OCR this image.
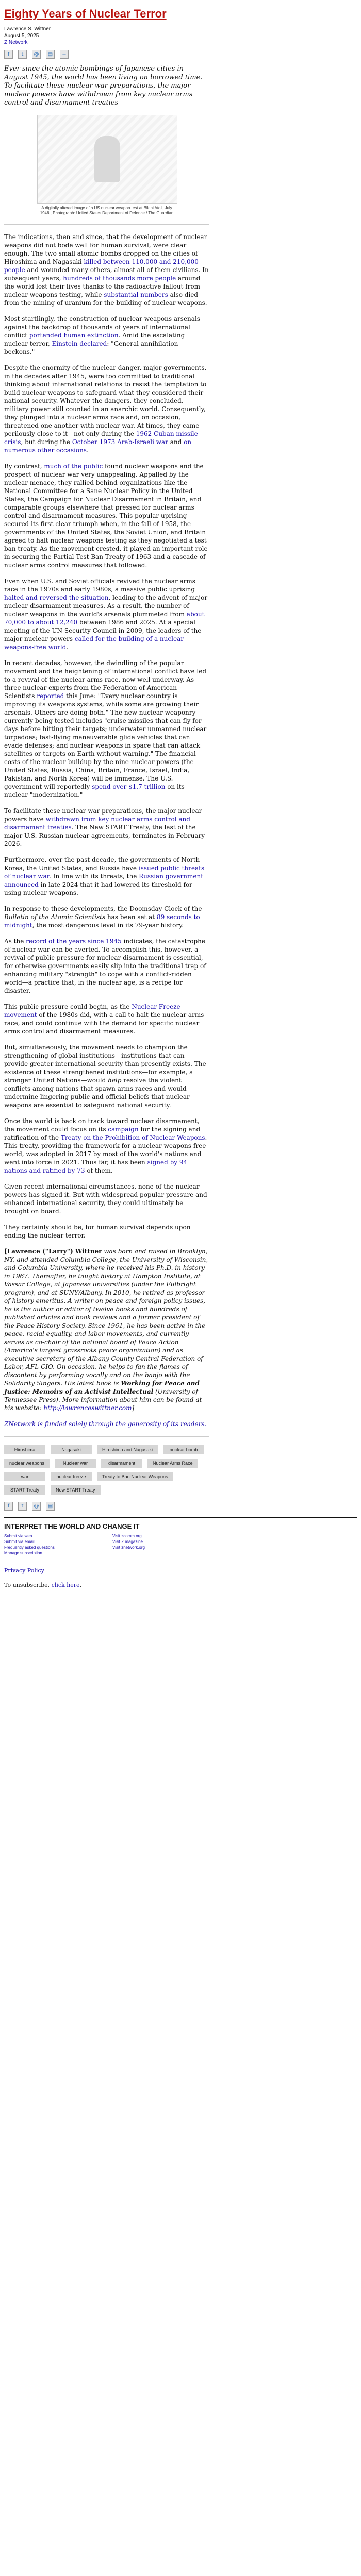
Eighty Years of Nuclear Terror
Lawrence S. Wittner
August 5, 2025
Z Network
f	t	@	▤	+

Ever since the atomic bombings of Japanese cities in August 1945, the world has been living on borrowed time. To facilitate these nuclear war preparations, the major nuclear powers have withdrawn from key nuclear arms control and disarmament treaties

A digitally altered image of a US nuclear weapon test at Bikini Atoll, July 1946., Photograph: United States Department of Defence / The Guardian

The indications, then and since, that the development of nuclear weapons did not bode well for human survival, were clear enough. The two small atomic bombs dropped on the cities of Hiroshima and Nagasaki killed between 110,000 and 210,000 people and wounded many others, almost all of them civilians. In subsequent years, hundreds of thousands more people around the world lost their lives thanks to the radioactive fallout from nuclear weapons testing, while substantial numbers also died from the mining of uranium for the building of nuclear weapons.

Most startlingly, the construction of nuclear weapons arsenals against the backdrop of thousands of years of international conflict portended human extinction. Amid the escalating nuclear terror, Einstein declared: "General annihilation beckons."

Despite the enormity of the nuclear danger, major governments, in the decades after 1945, were too committed to traditional thinking about international relations to resist the temptation to build nuclear weapons to safeguard what they considered their national security. Whatever the dangers, they concluded, military power still counted in an anarchic world. Consequently, they plunged into a nuclear arms race and, on occasion, threatened one another with nuclear war. At times, they came perilously close to it—not only during the 1962 Cuban missile crisis, but during the October 1973 Arab-Israeli war and on numerous other occasions.

By contrast, much of the public found nuclear weapons and the prospect of nuclear war very unappealing. Appalled by the nuclear menace, they rallied behind organizations like the National Committee for a Sane Nuclear Policy in the United States, the Campaign for Nuclear Disarmament in Britain, and comparable groups elsewhere that pressed for nuclear arms control and disarmament measures. This popular uprising secured its first clear triumph when, in the fall of 1958, the governments of the United States, the Soviet Union, and Britain agreed to halt nuclear weapons testing as they negotiated a test ban treaty. As the movement crested, it played an important role in securing the Partial Test Ban Treaty of 1963 and a cascade of nuclear arms control measures that followed.

Even when U.S. and Soviet officials revived the nuclear arms race in the 1970s and early 1980s, a massive public uprising halted and reversed the situation, leading to the advent of major nuclear disarmament measures. As a result, the number of nuclear weapons in the world's arsenals plummeted from about 70,000 to about 12,240 between 1986 and 2025. At a special meeting of the UN Security Council in 2009, the leaders of the major nuclear powers called for the building of a nuclear weapons-free world.

In recent decades, however, the dwindling of the popular movement and the heightening of international conflict have led to a revival of the nuclear arms race, now well underway. As three nuclear experts from the Federation of American Scientists reported this June: "Every nuclear country is improving its weapons systems, while some are growing their arsenals. Others are doing both." The new nuclear weaponry currently being tested includes "cruise missiles that can fly for days before hitting their targets; underwater unmanned nuclear torpedoes; fast-flying maneuverable glide vehicles that can evade defenses; and nuclear weapons in space that can attack satellites or targets on Earth without warning." The financial costs of the nuclear buildup by the nine nuclear powers (the United States, Russia, China, Britain, France, Israel, India, Pakistan, and North Korea) will be immense. The U.S. government will reportedly spend over $1.7 trillion on its nuclear "modernization."

To facilitate these nuclear war preparations, the major nuclear powers have withdrawn from key nuclear arms control and disarmament treaties. The New START Treaty, the last of the major U.S.-Russian nuclear agreements, terminates in February 2026.

Furthermore, over the past decade, the governments of North Korea, the United States, and Russia have issued public threats of nuclear war. In line with its threats, the Russian government announced in late 2024 that it had lowered its threshold for using nuclear weapons.

In response to these developments, the Doomsday Clock of the Bulletin of the Atomic Scientists has been set at 89 seconds to midnight, the most dangerous level in its 79-year history.

As the record of the years since 1945 indicates, the catastrophe of nuclear war can be averted. To accomplish this, however, a revival of public pressure for nuclear disarmament is essential, for otherwise governments easily slip into the traditional trap of enhancing military "strength" to cope with a conflict-ridden world—a practice that, in the nuclear age, is a recipe for disaster.

This public pressure could begin, as the Nuclear Freeze movement of the 1980s did, with a call to halt the nuclear arms race, and could continue with the demand for specific nuclear arms control and disarmament measures.

But, simultaneously, the movement needs to champion the strengthening of global institutions—institutions that can provide greater international security than presently exists. The existence of these strengthened institutions—for example, a stronger United Nations—would help resolve the violent conflicts among nations that spawn arms races and would undermine lingering public and official beliefs that nuclear weapons are essential to safeguard national security.

Once the world is back on track toward nuclear disarmament, the movement could focus on its campaign for the signing and ratification of the Treaty on the Prohibition of Nuclear Weapons. This treaty, providing the framework for a nuclear weapons-free world, was adopted in 2017 by most of the world's nations and went into force in 2021. Thus far, it has been signed by 94 nations and ratified by 73 of them.

Given recent international circumstances, none of the nuclear powers has signed it. But with widespread popular pressure and enhanced international security, they could ultimately be brought on board.

They certainly should be, for human survival depends upon ending the nuclear terror.

[Lawrence ("Larry") Wittner was born and raised in Brooklyn, NY, and attended Columbia College, the University of Wisconsin, and Columbia University, where he received his Ph.D. in history in 1967. Thereafter, he taught history at Hampton Institute, at Vassar College, at Japanese universities (under the Fulbright program), and at SUNY/Albany. In 2010, he retired as professor of history emeritus. A writer on peace and foreign policy issues, he is the author or editor of twelve books and hundreds of published articles and book reviews and a former president of the Peace History Society. Since 1961, he has been active in the peace, racial equality, and labor movements, and currently serves as co-chair of the national board of Peace Action (America's largest grassroots peace organization) and as executive secretary of the Albany County Central Federation of Labor, AFL-CIO. On occasion, he helps to fan the flames of discontent by performing vocally and on the banjo with the Solidarity Singers. His latest book is Working for Peace and Justice: Memoirs of an Activist Intellectual (University of Tennessee Press). More information about him can be found at his website: http://lawrenceswittner.com]

ZNetwork is funded solely through the generosity of its readers.

Hiroshima	Nagasaki	Hiroshima and Nagasaki	nuclear bomb
nuclear weapons	Nuclear war	disarmament	Nuclear Arms Race
war	nuclear freeze	Treaty to Ban Nuclear Weapons
START Treaty	New START Treaty
f	t	@	▤
INTERPRET THE WORLD AND CHANGE IT
Submit via web	Visit zcomm.org
Submit via email	Visit Z magazine
Frequently asked questions	Visit znetwork.org
Manage subscription
Privacy Policy
To unsubscribe, click here.
